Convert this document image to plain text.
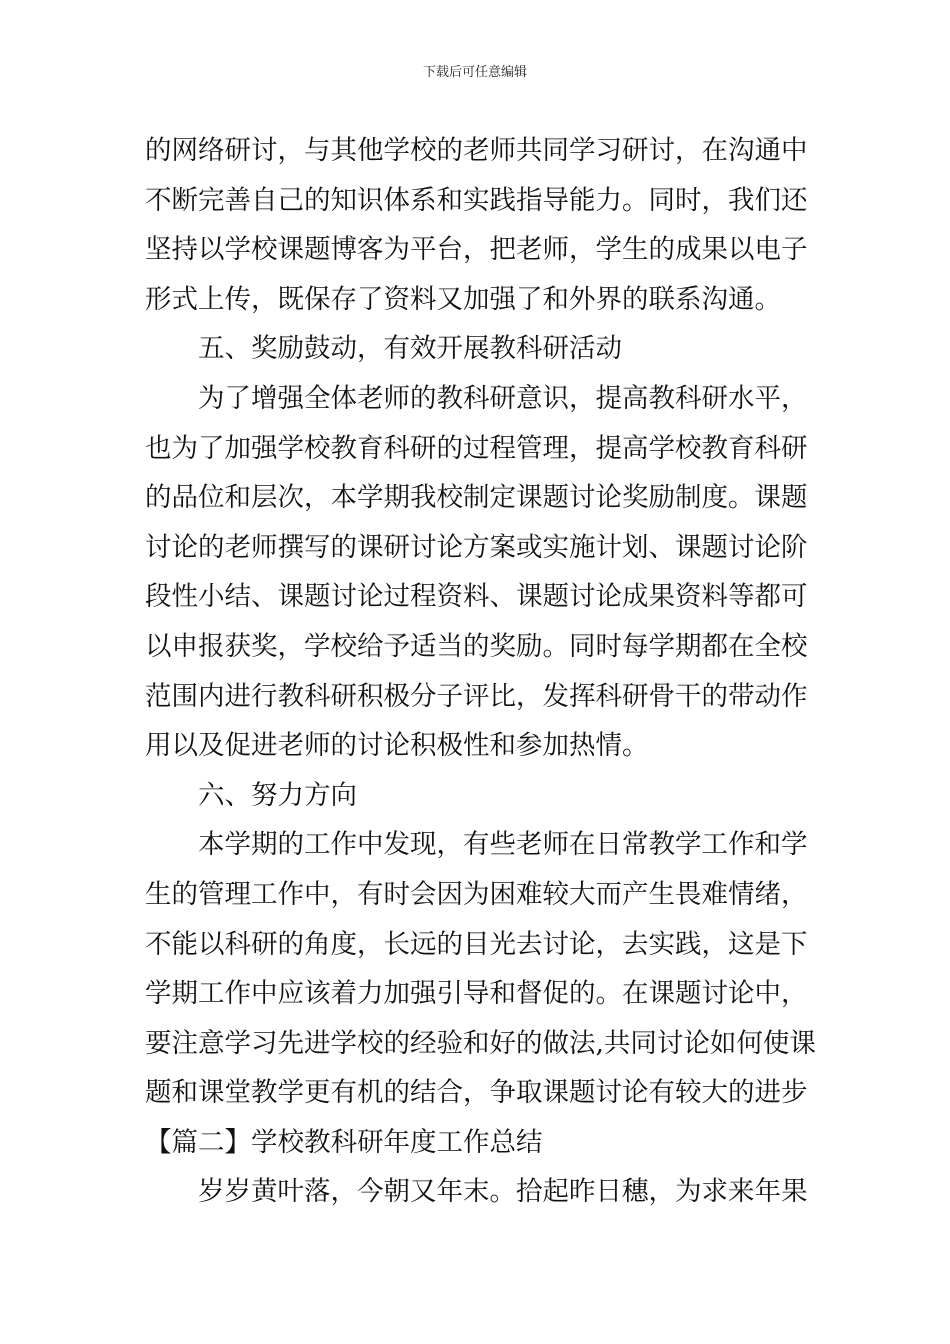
下载后可任意编辑
的网络研讨，与其他学校的老师共同学习研讨，在沟通中
不断完善自己的知识体系和实践指导能力。同时，我们还
坚持以学校课题博客为平台，把老师，学生的成果以电子
形式上传，既保存了资料又加强了和外界的联系沟通。
五、奖励鼓动，有效开展教科研活动
为了增强全体老师的教科研意识，提高教科研水平，
也为了加强学校教育科研的过程管理，提高学校教育科研
的品位和层次，本学期我校制定课题讨论奖励制度。课题
讨论的老师撰写的课研讨论方案或实施计划、课题讨论阶
段性小结、课题讨论过程资料、课题讨论成果资料等都可
以申报获奖，学校给予适当的奖励。同时每学期都在全校
范围内进行教科研积极分子评比，发挥科研骨干的带动作
用以及促进老师的讨论积极性和参加热情。
六、努力方向
本学期的工作中发现，有些老师在日常教学工作和学
生的管理工作中，有时会因为困难较大而产生畏难情绪，
不能以科研的角度，长远的目光去讨论，去实践，这是下
学期工作中应该着力加强引导和督促的。在课题讨论中，
要注意学习先进学校的经验和好的做法,共同讨论如何使课
题和课堂教学更有机的结合，争取课题讨论有较大的进步
【篇二】学校教科研年度工作总结
岁岁黄叶落，今朝又年末。拾起昨日穗，为求来年果
